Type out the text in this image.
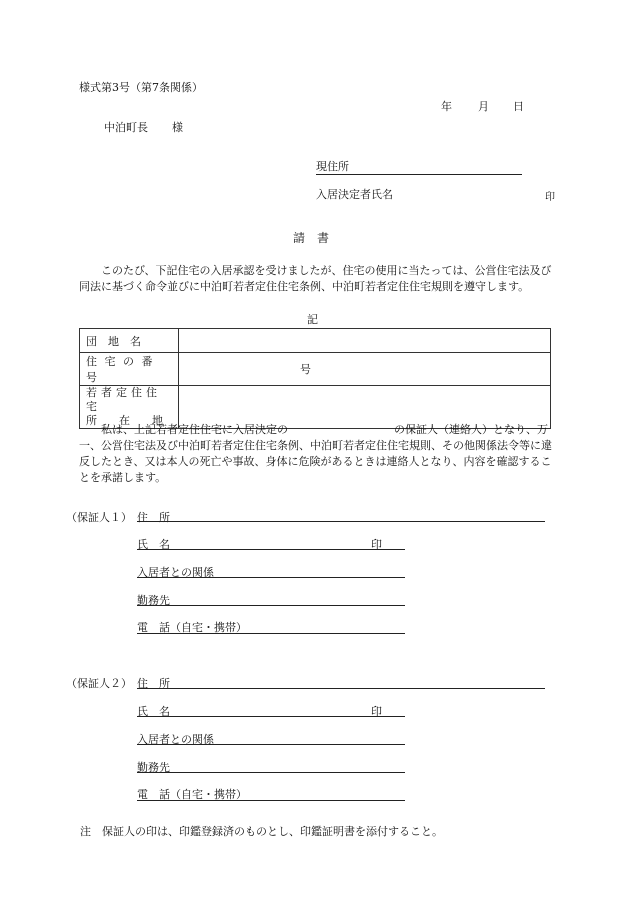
様式第3号（第7条関係）
年 月 日
中泊町長 様
現住所
入居決定者氏名	印
請　書
このたび、下記住宅の入居承認を受けましたが、住宅の使用に当たっては、公営住宅法及び同法に基づく命令並びに中泊町若者定住住宅条例、中泊町若者定住住宅規則を遵守します。
記
団　地　名	

住 宅 の 番 号	号

若者定住住宅
所　　在　　地	

私は、上記若者定住住宅に入居決定の	の保証人（連絡人）となり、万一、公営住宅法及び中泊町若者定住住宅条例、中泊町若者定住住宅規則、その他関係法令等に違反したとき、又は本人の死亡や事故、身体に危険があるときは連絡人となり、内容を確認することを承諾します。
（保証人１） 住　所
氏　名	印
入居者との関係
勤務先
電　話（自宅・携帯）
（保証人２） 住　所
氏　名	印
入居者との関係
勤務先
電　話（自宅・携帯）
注　保証人の印は、印鑑登録済のものとし、印鑑証明書を添付すること。
